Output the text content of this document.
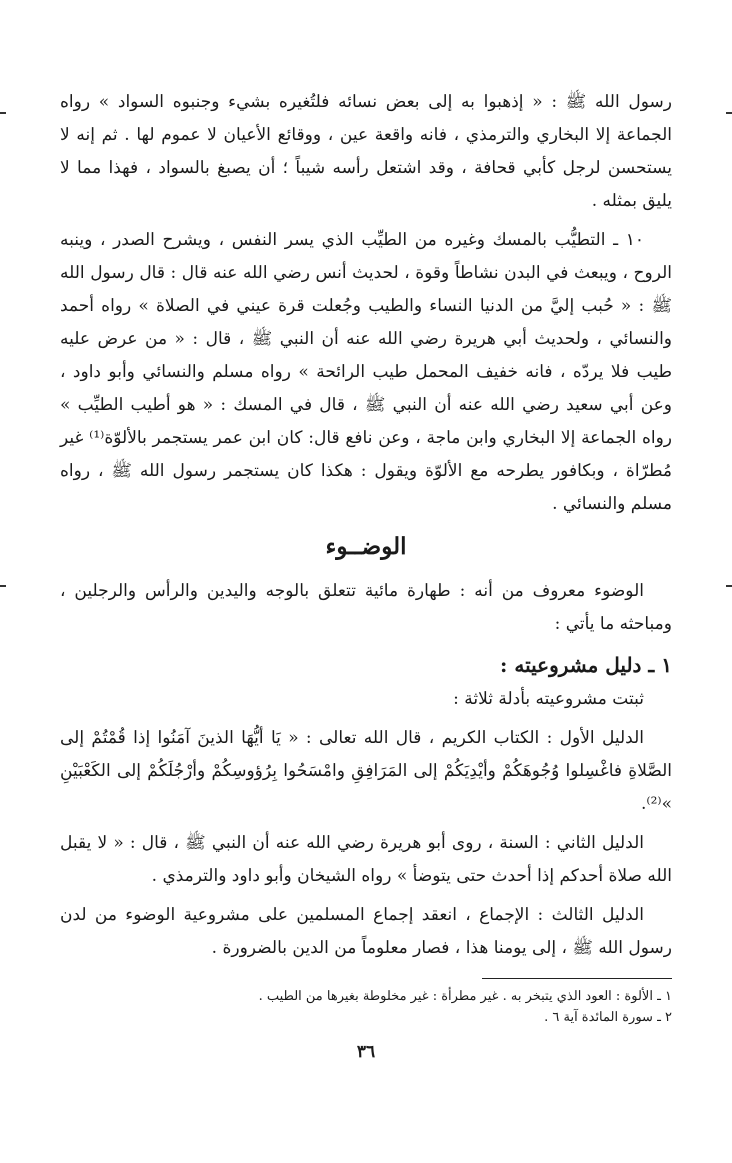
رسول الله ﷺ : « إذهبوا به إلى بعض نسائه فلتُغيره بشيء وجنبوه السواد » رواه الجماعة إلا البخاري والترمذي ، فانه واقعة عين ، ووقائع الأعيان لا عموم لها . ثم إنه لا يستحسن لرجل كأبي قحافة ، وقد اشتعل رأسه شيباً ؛ أن يصبغ بالسواد ، فهذا مما لا يليق بمثله .

١٠ ـ التطيُّب بالمسك وغيره من الطيِّب الذي يسر النفس ، ويشرح الصدر ، وينبه الروح ، ويبعث في البدن نشاطاً وقوة ، لحديث أنس رضي الله عنه قال : قال رسول الله ﷺ : « حُبب إليَّ من الدنيا النساء والطيب وجُعلت قرة عيني في الصلاة » رواه أحمد والنسائي ، ولحديث أبي هريرة رضي الله عنه أن النبي ﷺ ، قال : « من عرض عليه طيب فلا يردّه ، فانه خفيف المحمل طيب الرائحة » رواه مسلم والنسائي وأبو داود ، وعن أبي سعيد رضي الله عنه أن النبي ﷺ ، قال في المسك : « هو أطيب الطيِّب » رواه الجماعة إلا البخاري وابن ماجة ، وعن نافع قال: كان ابن عمر يستجمر بالألوّة⁽¹⁾ غير مُطرّاة ، وبكافور يطرحه مع الألوّة ويقول : هكذا كان يستجمر رسول الله ﷺ ، رواه مسلم والنسائي .

الوضــوء

الوضوء معروف من أنه : طهارة مائية تتعلق بالوجه واليدين والرأس والرجلين ، ومباحثه ما يأتي :

١ ـ دليل مشروعيته :

ثبتت مشروعيته بأدلة ثلاثة :

الدليل الأول : الكتاب الكريم ، قال الله تعالى : « يَا أيُّهَا الذينَ آمَنُوا إذا قُمْتُمْ إلى الصَّلاةِ فاغْسِلوا وُجُوهَكُمْ وأيْدِيَكُمْ إلى المَرَافِقِ وامْسَحُوا بِرُؤوسِكُمْ وأرْجُلَكُمْ إلى الكَعْبَيْنِ »⁽²⁾.

الدليل الثاني : السنة ، روى أبو هريرة رضي الله عنه أن النبي ﷺ ، قال : « لا يقبل الله صلاة أحدكم إذا أحدث حتى يتوضأ » رواه الشيخان وأبو داود والترمذي .

الدليل الثالث : الإجماع ، انعقد إجماع المسلمين على مشروعية الوضوء من لدن رسول الله ﷺ ، إلى يومنا هذا ، فصار معلوماً من الدين بالضرورة .

١ ـ الألوة : العود الذي يتبخر به . غير مطرأة : غير مخلوطة بغيرها من الطيب .

٢ ـ سورة المائدة آية ٦ .

٣٦
